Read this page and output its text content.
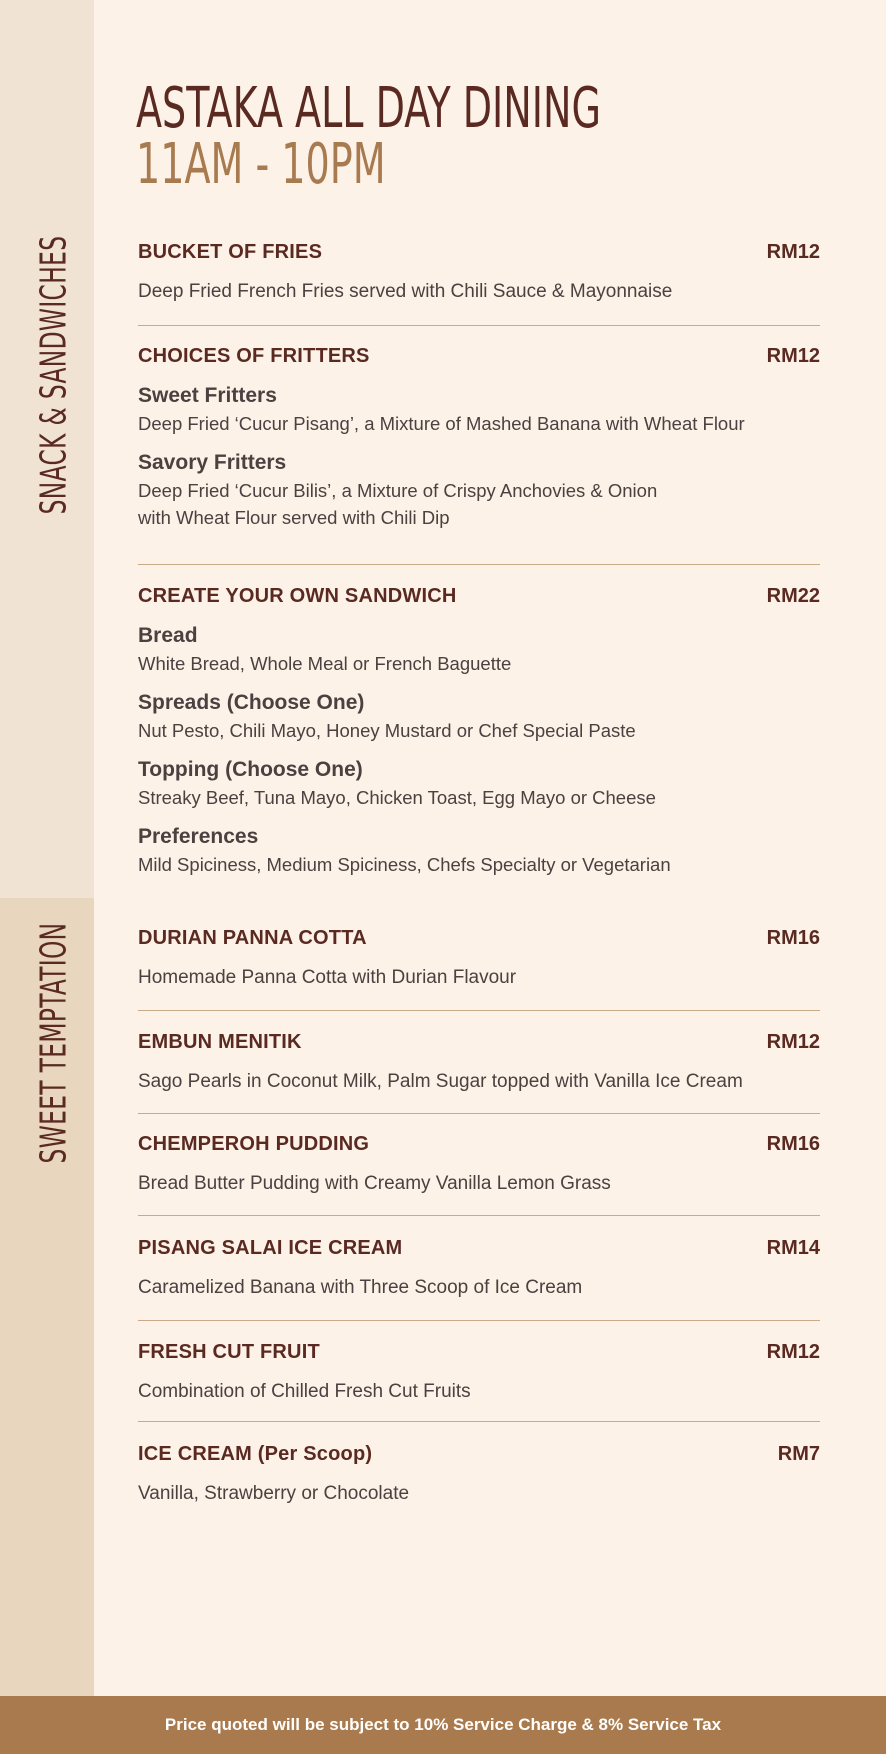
SNACK & SANDWICHES
SWEET TEMPTATION
ASTAKA ALL DAY DINING
11AM - 10PM
BUCKET OF FRIES	RM12
Deep Fried French Fries served with Chili Sauce & Mayonnaise
CHOICES OF FRITTERS	RM12
Sweet Fritters
Deep Fried ‘Cucur Pisang’, a Mixture of Mashed Banana with Wheat Flour
Savory Fritters
Deep Fried ‘Cucur Bilis’, a Mixture of Crispy Anchovies & Onion
with Wheat Flour served with Chili Dip
CREATE YOUR OWN SANDWICH	RM22
Bread
White Bread, Whole Meal or French Baguette
Spreads (Choose One)
Nut Pesto, Chili Mayo, Honey Mustard or Chef Special Paste
Topping (Choose One)
Streaky Beef, Tuna Mayo, Chicken Toast, Egg Mayo or Cheese
Preferences
Mild Spiciness, Medium Spiciness, Chefs Specialty or Vegetarian
DURIAN PANNA COTTA	RM16
Homemade Panna Cotta with Durian Flavour
EMBUN MENITIK	RM12
Sago Pearls in Coconut Milk, Palm Sugar topped with Vanilla Ice Cream
CHEMPEROH PUDDING	RM16
Bread Butter Pudding with Creamy Vanilla Lemon Grass
PISANG SALAI ICE CREAM	RM14
Caramelized Banana with Three Scoop of Ice Cream
FRESH CUT FRUIT	RM12
Combination of Chilled Fresh Cut Fruits
ICE CREAM (Per Scoop)	RM7
Vanilla, Strawberry or Chocolate
Price quoted will be subject to 10% Service Charge & 8% Service Tax
